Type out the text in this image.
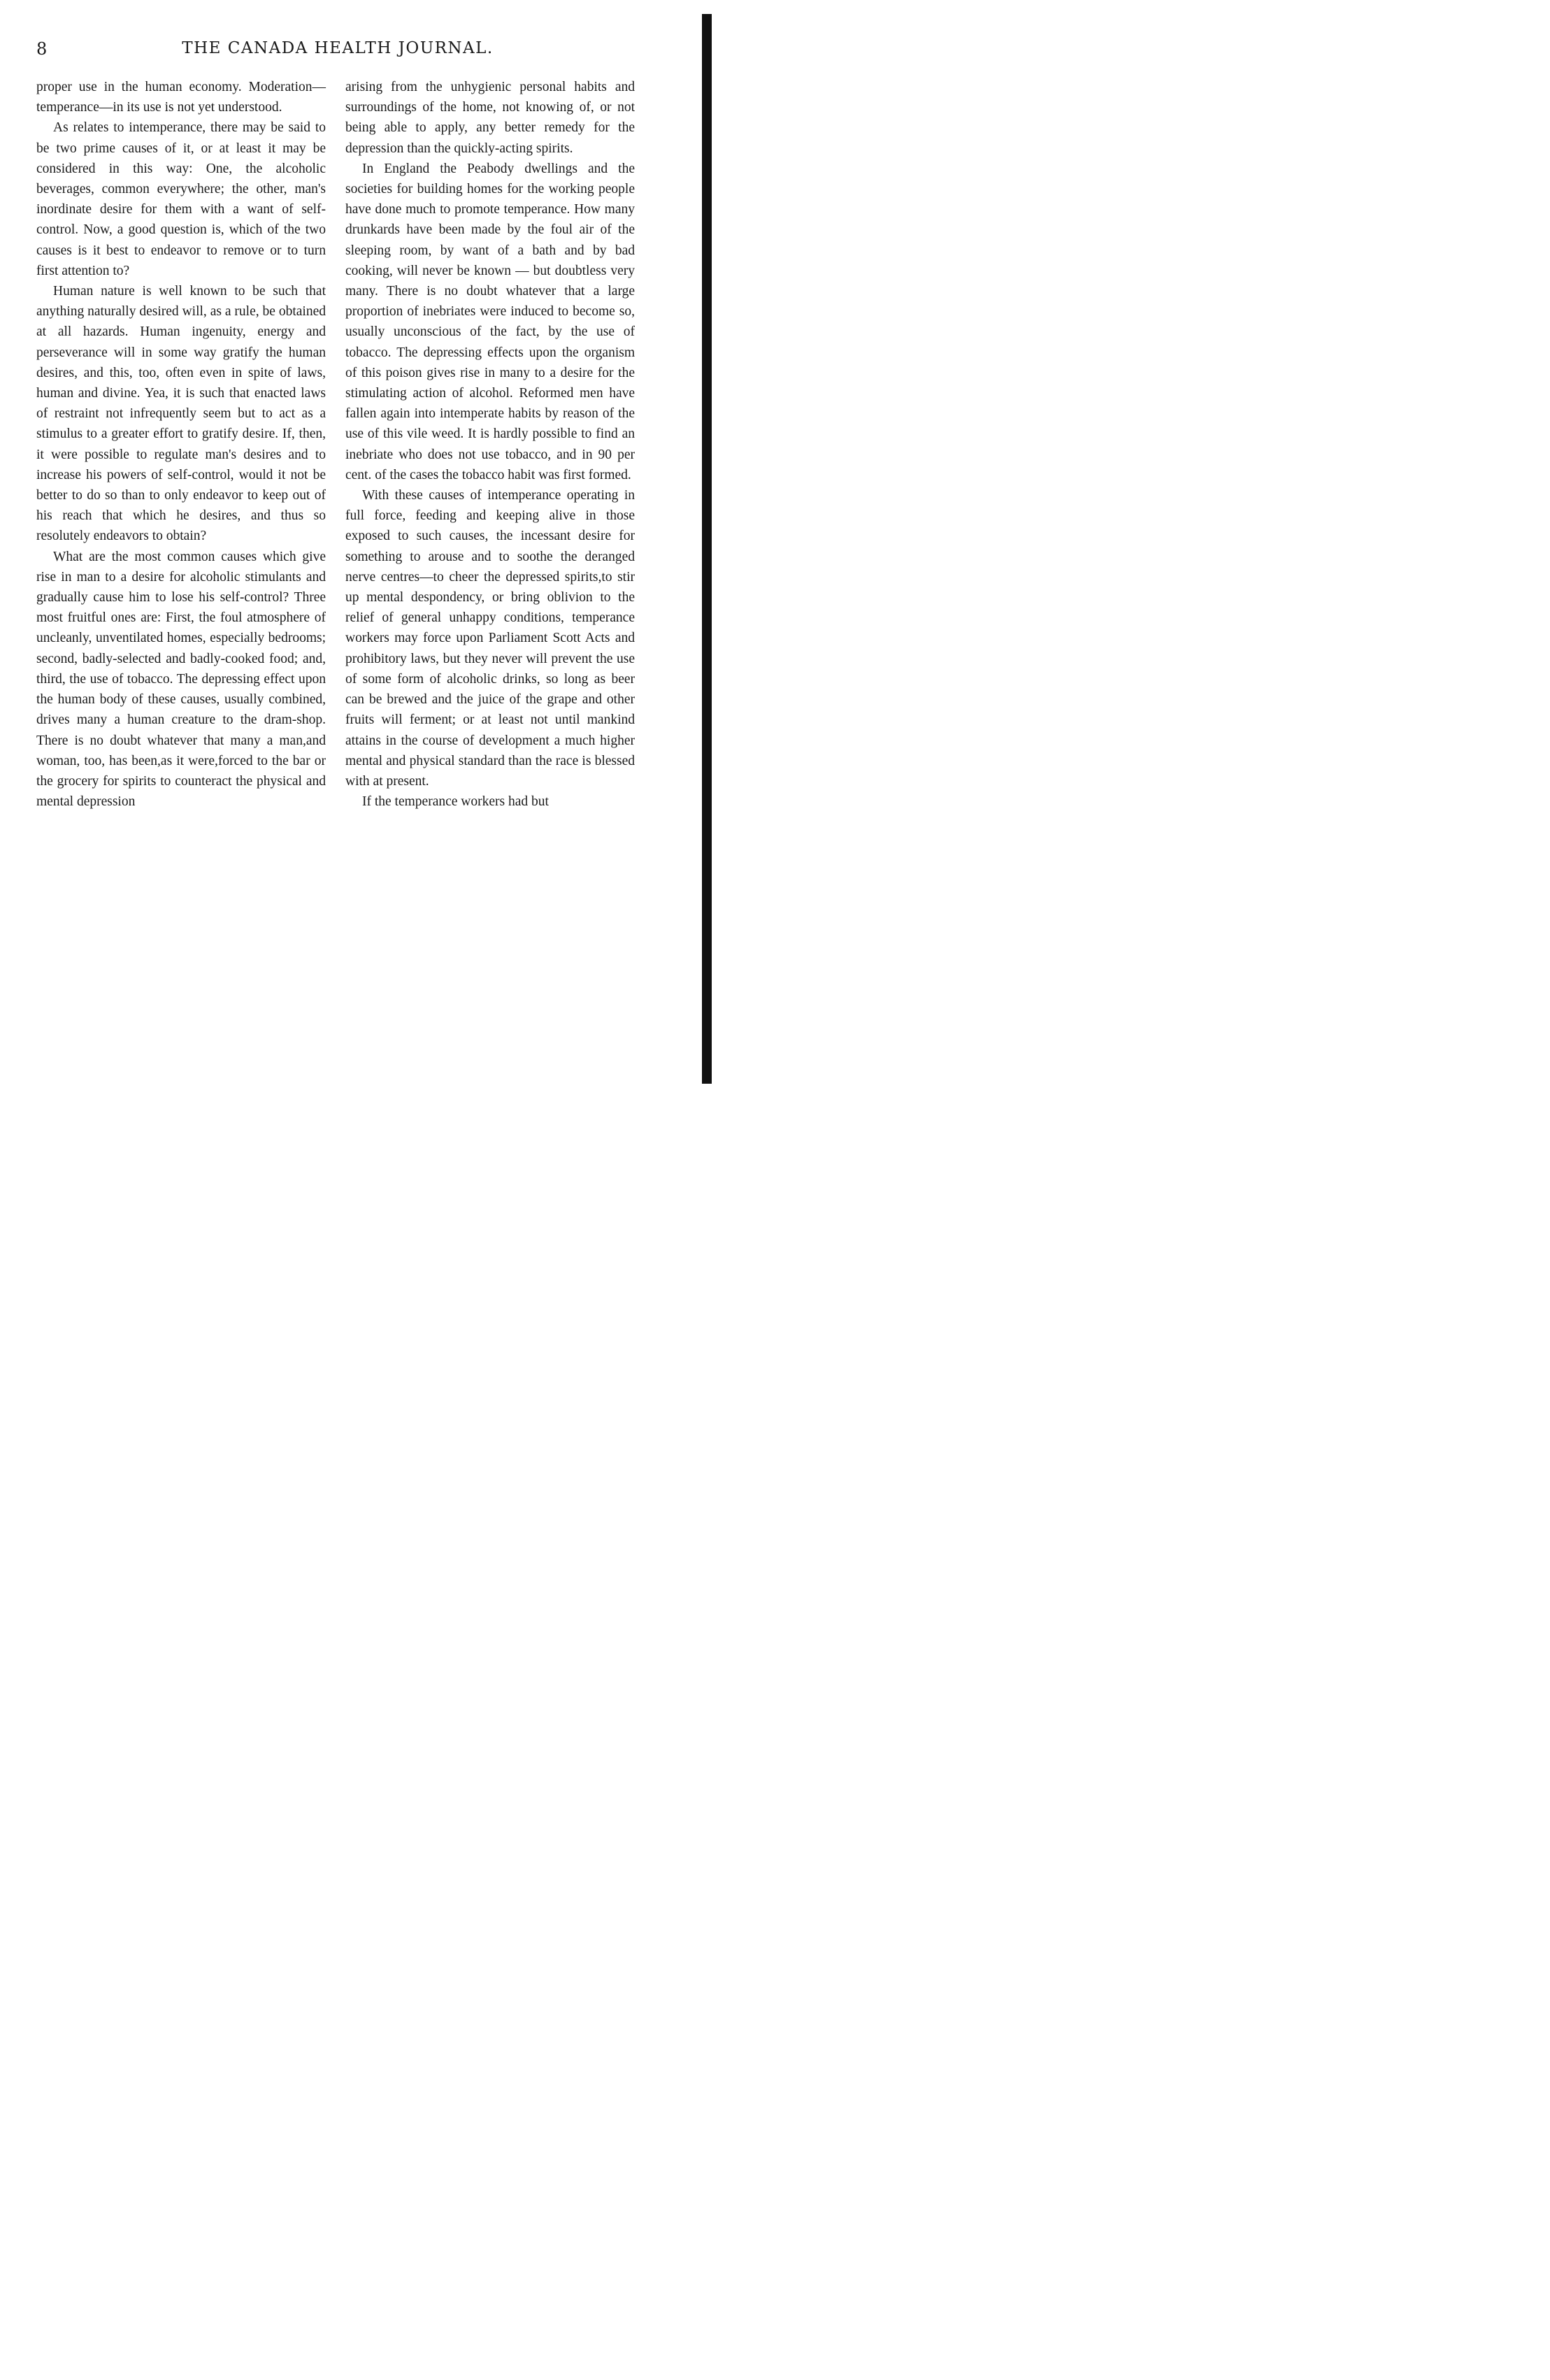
8	THE CANADA HEALTH JOURNAL.

proper use in the human economy. Moderation—temperance—in its use is not yet understood.

As relates to intemperance, there may be said to be two prime causes of it, or at least it may be considered in this way: One, the alcoholic beverages, common everywhere; the other, man's inordinate desire for them with a want of self-control. Now, a good question is, which of the two causes is it best to endeavor to remove or to turn first attention to?

Human nature is well known to be such that anything naturally desired will, as a rule, be obtained at all hazards. Human ingenuity, energy and perseverance will in some way gratify the human desires, and this, too, often even in spite of laws, human and divine. Yea, it is such that enacted laws of restraint not infrequently seem but to act as a stimulus to a greater effort to gratify desire. If, then, it were possible to regulate man's desires and to increase his powers of self-control, would it not be better to do so than to only endeavor to keep out of his reach that which he desires, and thus so resolutely endeavors to obtain?

What are the most common causes which give rise in man to a desire for alcoholic stimulants and gradually cause him to lose his self-control? Three most fruitful ones are: First, the foul atmosphere of uncleanly, unventilated homes, especially bedrooms; second, badly-selected and badly-cooked food; and, third, the use of tobacco. The depressing effect upon the human body of these causes, usually combined, drives many a human creature to the dram-shop. There is no doubt whatever that many a man,and woman, too, has been,as it were,forced to the bar or the grocery for spirits to counteract the physical and mental depression

arising from the unhygienic personal habits and surroundings of the home, not knowing of, or not being able to apply, any better remedy for the depression than the quickly-acting spirits.

In England the Peabody dwellings and the societies for building homes for the working people have done much to promote temperance. How many drunkards have been made by the foul air of the sleeping room, by want of a bath and by bad cooking, will never be known — but doubtless very many. There is no doubt whatever that a large proportion of inebriates were induced to become so, usually unconscious of the fact, by the use of tobacco. The depressing effects upon the organism of this poison gives rise in many to a desire for the stimulating action of alcohol. Reformed men have fallen again into intemperate habits by reason of the use of this vile weed. It is hardly possible to find an inebriate who does not use tobacco, and in 90 per cent. of the cases the tobacco habit was first formed.

With these causes of intemperance operating in full force, feeding and keeping alive in those exposed to such causes, the incessant desire for something to arouse and to soothe the deranged nerve centres—to cheer the depressed spirits,to stir up mental despondency, or bring oblivion to the relief of general unhappy conditions, temperance workers may force upon Parliament Scott Acts and prohibitory laws, but they never will prevent the use of some form of alcoholic drinks, so long as beer can be brewed and the juice of the grape and other fruits will ferment; or at least not until mankind attains in the course of development a much higher mental and physical standard than the race is blessed with at present.

If the temperance workers had but
